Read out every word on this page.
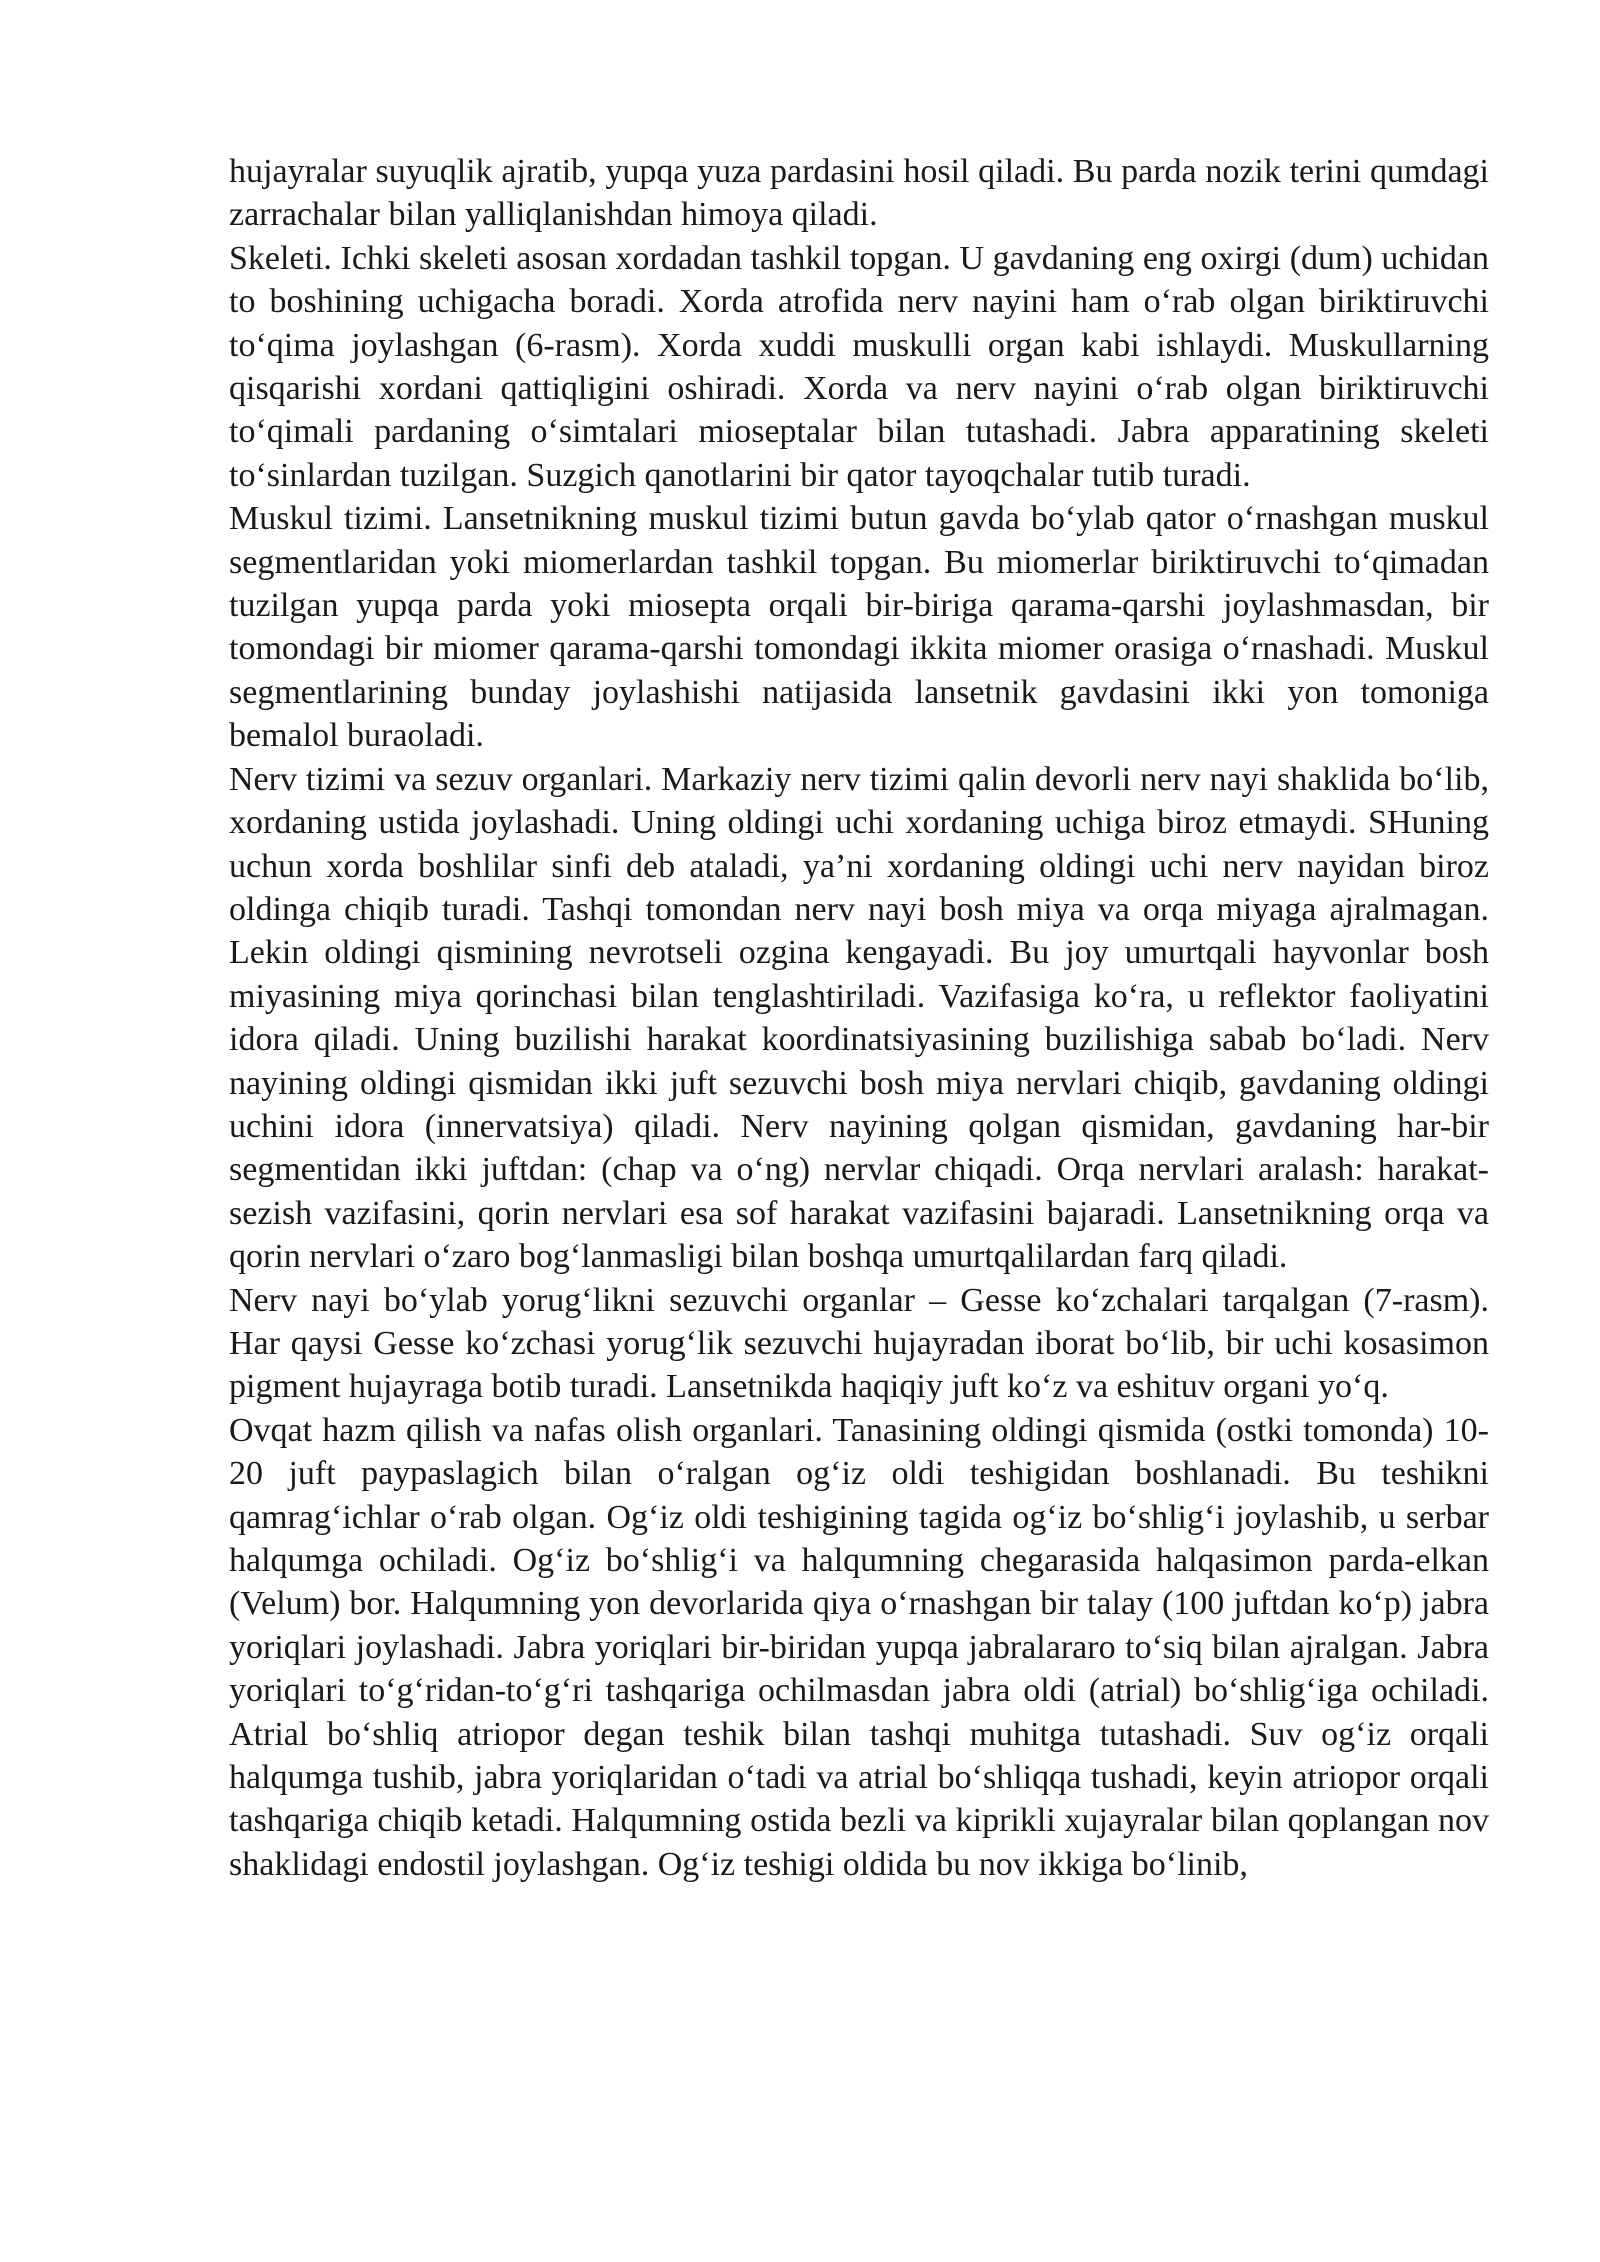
hujayralar suyuqlik ajratib, yupqa yuza pardasini hosil qiladi. Bu parda nozik terini qumdagi zarrachalar bilan yalliqlanishdan himoya qiladi.

Skeleti. Ichki skeleti asosan xordadan tashkil topgan. U gavdaning eng oxirgi (dum) uchidan to boshining uchigacha boradi. Xorda atrofida nerv nayini ham oʻrab olgan biriktiruvchi toʻqima joylashgan (6-rasm). Xorda xuddi muskulli organ kabi ishlaydi. Muskullarning qisqarishi xordani qattiqligini oshiradi. Xorda va nerv nayini oʻrab olgan biriktiruvchi toʻqimali pardaning oʻsimtalari mioseptalar bilan tutashadi. Jabra apparatining skeleti toʻsinlardan tuzilgan. Suzgich qanotlarini bir qator tayoqchalar tutib turadi.

Muskul tizimi. Lansetnikning muskul tizimi butun gavda boʻylab qator oʻrnashgan muskul segmentlaridan yoki miomerlardan tashkil topgan. Bu miomerlar biriktiruvchi toʻqimadan tuzilgan yupqa parda yoki miosepta orqali bir-biriga qarama-qarshi joylashmasdan, bir tomondagi bir miomer qarama-qarshi tomondagi ikkita miomer orasiga oʻrnashadi. Muskul segmentlarining bunday joylashishi natijasida lansetnik gavdasini ikki yon tomoniga bemalol buraoladi.

Nerv tizimi va sezuv organlari. Markaziy nerv tizimi qalin devorli nerv nayi shaklida boʻlib, xordaning ustida joylashadi. Uning oldingi uchi xordaning uchiga biroz etmaydi. SHuning uchun xorda boshlilar sinfi deb ataladi, ya’ni xordaning oldingi uchi nerv nayidan biroz oldinga chiqib turadi. Tashqi tomondan nerv nayi bosh miya va orqa miyaga ajralmagan. Lekin oldingi qismining nevrotseli ozgina kengayadi. Bu joy umurtqali hayvonlar bosh miyasining miya qorinchasi bilan tenglashtiriladi. Vazifasiga koʻra, u reflektor faoliyatini idora qiladi. Uning buzilishi harakat koordinatsiyasining buzilishiga sabab boʻladi. Nerv nayining oldingi qismidan ikki juft sezuvchi bosh miya nervlari chiqib, gavdaning oldingi uchini idora (innervatsiya) qiladi. Nerv nayining qolgan qismidan, gavdaning har-bir segmentidan ikki juftdan: (chap va oʻng) nervlar chiqadi. Orqa nervlari aralash: harakat-sezish vazifasini, qorin nervlari esa sof harakat vazifasini bajaradi. Lansetnikning orqa va qorin nervlari oʻzaro bogʻlanmasligi bilan boshqa umurtqalilardan farq qiladi.

Nerv nayi boʻylab yorugʻlikni sezuvchi organlar – Gesse koʻzchalari tarqalgan (7-rasm). Har qaysi Gesse koʻzchasi yorugʻlik sezuvchi hujayradan iborat boʻlib, bir uchi kosasimon pigment hujayraga botib turadi. Lansetnikda haqiqiy juft koʻz va eshituv organi yoʻq.

Ovqat hazm qilish va nafas olish organlari. Tanasining oldingi qismida (ostki tomonda) 10-20 juft paypaslagich bilan oʻralgan ogʻiz oldi teshigidan boshlanadi. Bu teshikni qamragʻichlar oʻrab olgan. Ogʻiz oldi teshigining tagida ogʻiz boʻshligʻi joylashib, u serbar halqumga ochiladi. Ogʻiz boʻshligʻi va halqumning chegarasida halqasimon parda-elkan (Velum) bor. Halqumning yon devorlarida qiya oʻrnashgan bir talay (100 juftdan koʻp) jabra yoriqlari joylashadi. Jabra yoriqlari bir-biridan yupqa jabralararo toʻsiq bilan ajralgan. Jabra yoriqlari toʻgʻridan-toʻgʻri tashqariga ochilmasdan jabra oldi (atrial) boʻshligʻiga ochiladi. Atrial boʻshliq atriopor degan teshik bilan tashqi muhitga tutashadi. Suv ogʻiz orqali halqumga tushib, jabra yoriqlaridan oʻtadi va atrial boʻshliqqa tushadi, keyin atriopor orqali tashqariga chiqib ketadi. Halqumning ostida bezli va kiprikli xujayralar bilan qoplangan nov shaklidagi endostil joylashgan. Ogʻiz teshigi oldida bu nov ikkiga boʻlinib,
